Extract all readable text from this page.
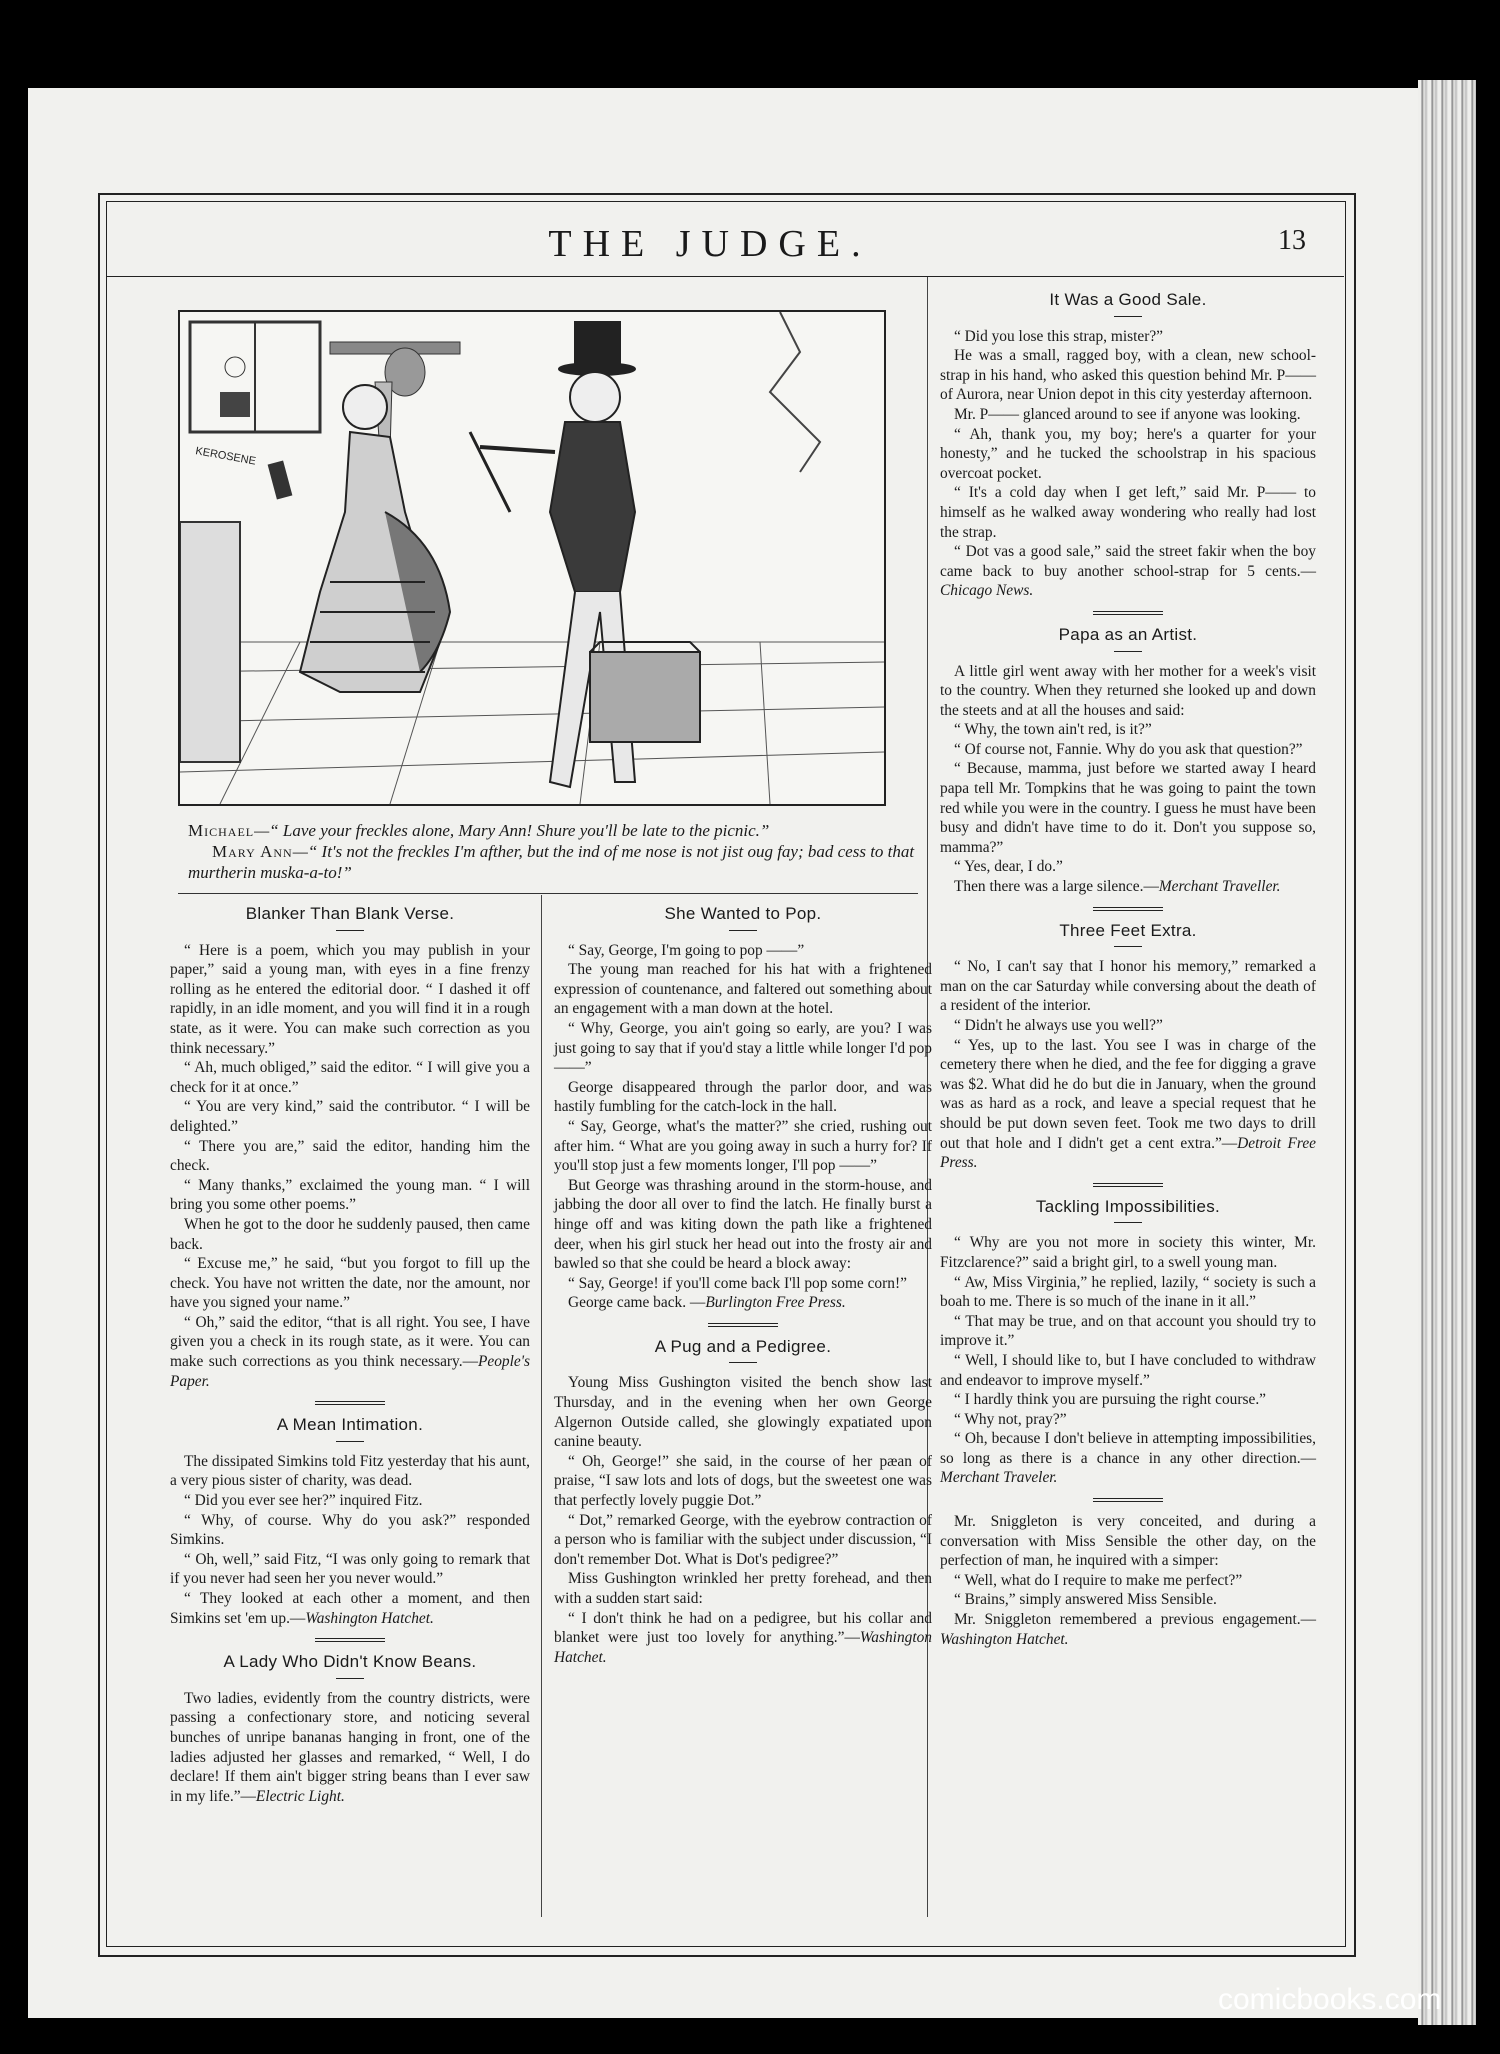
THE JUDGE.	13
KEROSENE
Michael—“ Lave your freckles alone, Mary Ann! Shure you'll be late to the picnic.”
Mary Ann—“ It's not the freckles I'm afther, but the ind of me nose is not jist oug fay; bad cess to that murtherin muska-a-to!”
Blanker Than Blank Verse.

“ Here is a poem, which you may publish in your paper,” said a young man, with eyes in a fine frenzy rolling as he entered the editorial door. “ I dashed it off rapidly, in an idle moment, and you will find it in a rough state, as it were. You can make such correction as you think necessary.”

“ Ah, much obliged,” said the editor. “ I will give you a check for it at once.”

“ You are very kind,” said the contributor. “ I will be delighted.”

“ There you are,” said the editor, handing him the check.

“ Many thanks,” exclaimed the young man. “ I will bring you some other poems.”

When he got to the door he suddenly paused, then came back.

“ Excuse me,” he said, “but you forgot to fill up the check. You have not written the date, nor the amount, nor have you signed your name.”

“ Oh,” said the editor, “that is all right. You see, I have given you a check in its rough state, as it were. You can make such corrections as you think necessary.—People's Paper.

A Mean Intimation.

The dissipated Simkins told Fitz yesterday that his aunt, a very pious sister of charity, was dead.

“ Did you ever see her?” inquired Fitz.

“ Why, of course. Why do you ask?” responded Simkins.

“ Oh, well,” said Fitz, “I was only going to remark that if you never had seen her you never would.”

“ They looked at each other a moment, and then Simkins set 'em up.—Washington Hatchet.

A Lady Who Didn't Know Beans.

Two ladies, evidently from the country districts, were passing a confectionary store, and noticing several bunches of unripe bananas hanging in front, one of the ladies adjusted her glasses and remarked, “ Well, I do declare! If them ain't bigger string beans than I ever saw in my life.”—Electric Light.

She Wanted to Pop.

“ Say, George, I'm going to pop ——”

The young man reached for his hat with a frightened expression of countenance, and faltered out something about an engagement with a man down at the hotel.

“ Why, George, you ain't going so early, are you? I was just going to say that if you'd stay a little while longer I'd pop——”

George disappeared through the parlor door, and was hastily fumbling for the catch-lock in the hall.

“ Say, George, what's the matter?” she cried, rushing out after him. “ What are you going away in such a hurry for? If you'll stop just a few moments longer, I'll pop ——”

But George was thrashing around in the storm-house, and jabbing the door all over to find the latch. He finally burst a hinge off and was kiting down the path like a frightened deer, when his girl stuck her head out into the frosty air and bawled so that she could be heard a block away:

“ Say, George! if you'll come back I'll pop some corn!”

George came back. —Burlington Free Press.

A Pug and a Pedigree.

Young Miss Gushington visited the bench show last Thursday, and in the evening when her own George Algernon Outside called, she glowingly expatiated upon canine beauty.

“ Oh, George!” she said, in the course of her pæan of praise, “I saw lots and lots of dogs, but the sweetest one was that perfectly lovely puggie Dot.”

“ Dot,” remarked George, with the eyebrow contraction of a person who is familiar with the subject under discussion, “I don't remember Dot. What is Dot's pedigree?”

Miss Gushington wrinkled her pretty forehead, and then with a sudden start said:

“ I don't think he had on a pedigree, but his collar and blanket were just too lovely for anything.”—Washington Hatchet.

It Was a Good Sale.

“ Did you lose this strap, mister?”

He was a small, ragged boy, with a clean, new school-strap in his hand, who asked this question behind Mr. P——of Aurora, near Union depot in this city yesterday afternoon.

Mr. P—— glanced around to see if anyone was looking.

“ Ah, thank you, my boy; here's a quarter for your honesty,” and he tucked the schoolstrap in his spacious overcoat pocket.

“ It's a cold day when I get left,” said Mr. P—— to himself as he walked away wondering who really had lost the strap.

“ Dot vas a good sale,” said the street fakir when the boy came back to buy another school-strap for 5 cents.—Chicago News.

Papa as an Artist.

A little girl went away with her mother for a week's visit to the country. When they returned she looked up and down the steets and at all the houses and said:

“ Why, the town ain't red, is it?”

“ Of course not, Fannie. Why do you ask that question?”

“ Because, mamma, just before we started away I heard papa tell Mr. Tompkins that he was going to paint the town red while you were in the country. I guess he must have been busy and didn't have time to do it. Don't you suppose so, mamma?”

“ Yes, dear, I do.”

Then there was a large silence.—Merchant Traveller.

Three Feet Extra.

“ No, I can't say that I honor his memory,” remarked a man on the car Saturday while conversing about the death of a resident of the interior.

“ Didn't he always use you well?”

“ Yes, up to the last. You see I was in charge of the cemetery there when he died, and the fee for digging a grave was $2. What did he do but die in January, when the ground was as hard as a rock, and leave a special request that he should be put down seven feet. Took me two days to drill out that hole and I didn't get a cent extra.”—Detroit Free Press.

Tackling Impossibilities.

“ Why are you not more in society this winter, Mr. Fitzclarence?” said a bright girl, to a swell young man.

“ Aw, Miss Virginia,” he replied, lazily, “ society is such a boah to me. There is so much of the inane in it all.”

“ That may be true, and on that account you should try to improve it.”

“ Well, I should like to, but I have concluded to withdraw and endeavor to improve myself.”

“ I hardly think you are pursuing the right course.”

“ Why not, pray?”

“ Oh, because I don't believe in attempting impossibilities, so long as there is a chance in any other direction.—Merchant Traveler.

Mr. Sniggleton is very conceited, and during a conversation with Miss Sensible the other day, on the perfection of man, he inquired with a simper:

“ Well, what do I require to make me perfect?”

“ Brains,” simply answered Miss Sensible.

Mr. Sniggleton remembered a previous engagement.—Washington Hatchet.

comicbooks.com
